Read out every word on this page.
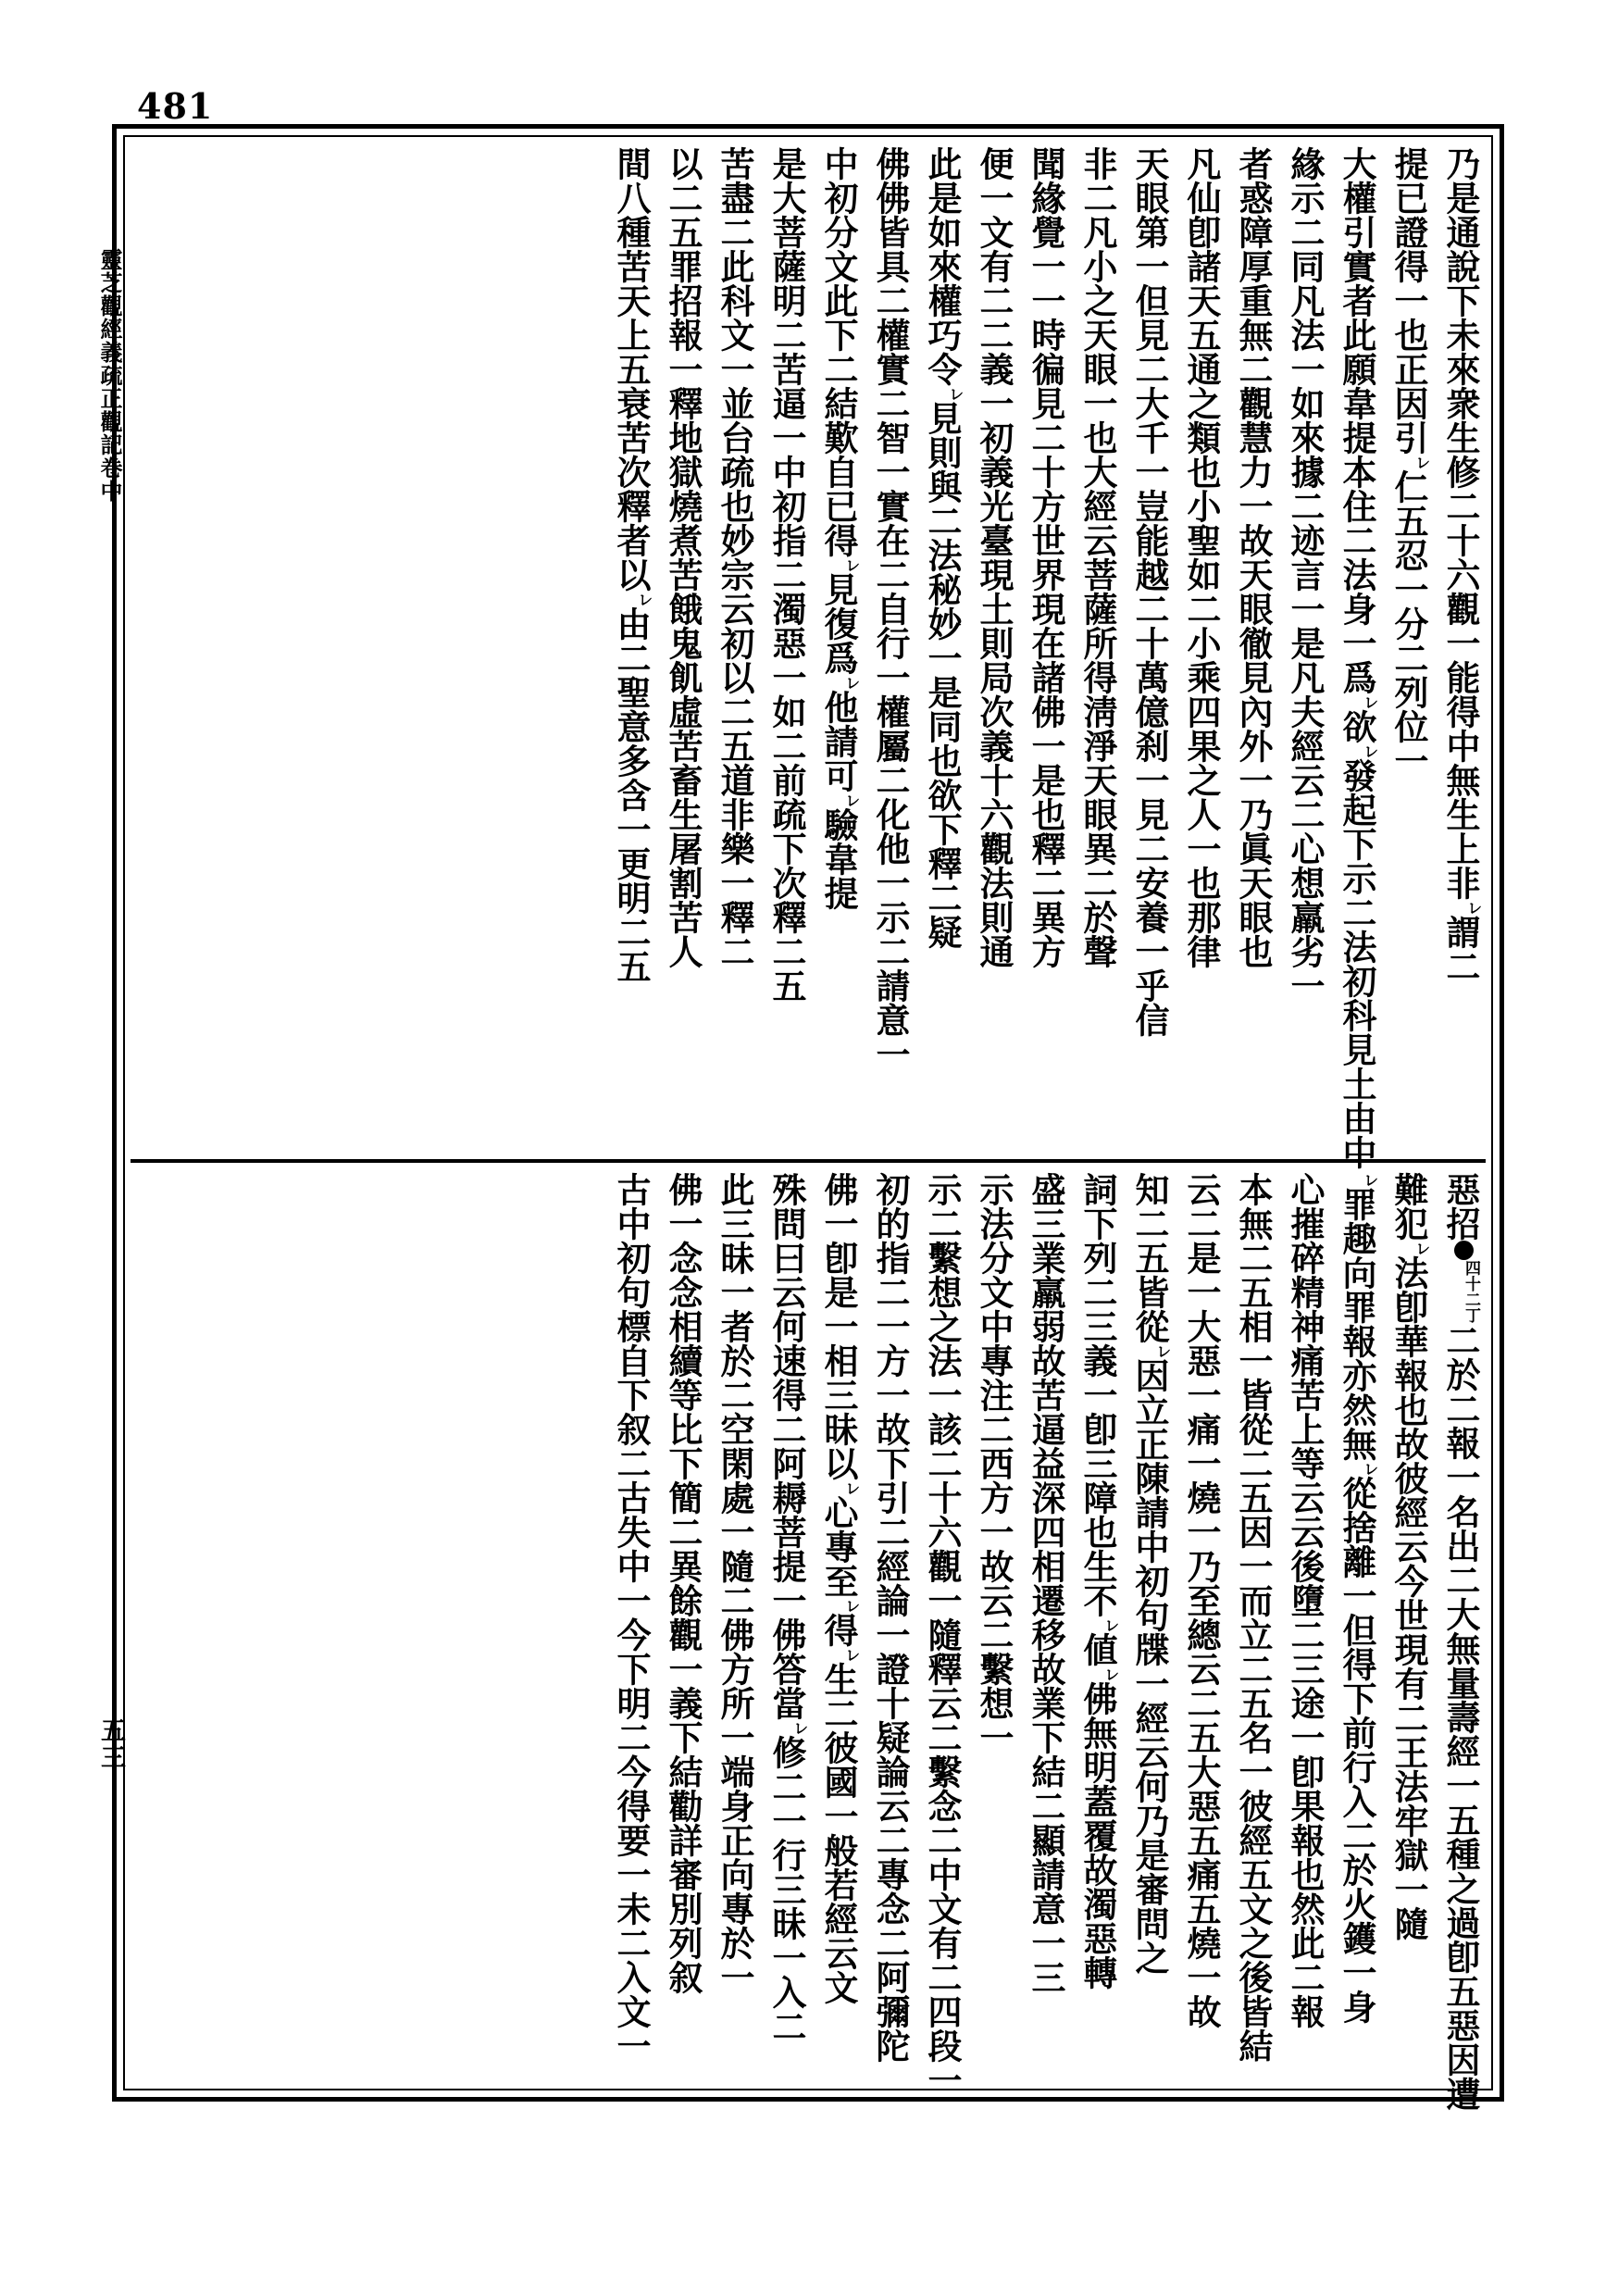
481
靈芝觀經義疏正觀記卷中
五三
乃是通說下未來衆生修二十六觀一能得中無生上非レ謂二
提已證得一也正因引レ仁五忍一分二列位一
大權引實者此願韋提本住二法身一爲レ欲レ發起下示二法初科見土由中
緣示二同凡法一如來據二迹言一是凡夫經云二心想羸劣一
者惑障厚重無二觀慧力一故天眼徹見內外一乃眞天眼也
凡仙卽諸天五通之類也小聖如二小乘四果之人一也那律
天眼第一但見二大千一豈能越二十萬億刹一見二安養一乎信
非二凡小之天眼一也大經云菩薩所得淸淨天眼異二於聲
聞緣覺一一時徧見二十方世界現在諸佛一是也釋二異方
便一文有二二義一初義光臺現土則局次義十六觀法則通
此是如來權巧令レ見則與二法秘妙一是同也欲下釋二疑
佛佛皆具二權實二智一實在二自行一權屬二化他一示二請意一
中初分文此下二結歎自已得レ見復爲レ他請可レ驗韋提
是大菩薩明二苦逼一中初指二濁惡一如二前疏下次釋二五
苦盡二此科文一並台疏也妙宗云初以二五道非樂一釋二
以二五罪招報一釋地獄燒煮苦餓鬼飢虛苦畜生屠割苦人
間八種苦天上五衰苦次釋者以レ由二聖意多含一更明二五
惡招四十二丁二於二報一名出二大無量壽經一五種之過卽五惡因遭
難犯レ法卽華報也故彼經云今世現有二王法牢獄一隨
レ罪趣向罪報亦然無レ從捨離一但得下前行入二於火鑊一身
心摧碎精神痛苦上等云云後墮二三途一卽果報也然此二報
本無二五相一皆從二五因一而立二五名一彼經五文之後皆結
云二是一大惡一痛一燒一乃至總云二五大惡五痛五燒一故
知二五皆從レ因立正陳請中初句牒一經云何乃是審問之
詞下列二三義一卽三障也生不レ値レ佛無明蓋覆故濁惡轉
盛三業羸弱故苦逼益深四相遷移故業下結二顯請意一三
示法分文中專注二西方一故云二繫想一
示二繫想之法一該二十六觀一隨釋云二繫念二中文有二四段一
初的指二一方一故下引二經論一證十疑論云二專念二阿彌陀
佛一卽是一相三昧以レ心專至レ得レ生二彼國一般若經云文
殊問曰云何速得二阿耨菩提一佛答當レ修二一行三昧一入二
此三昧一者於二空閑處一隨二佛方所一端身正向專於一
佛一念念相續等比下簡二異餘觀一義下結勸詳審別列叙
古中初句標自下叙二古失中一今下明二今得要一未二入文一
